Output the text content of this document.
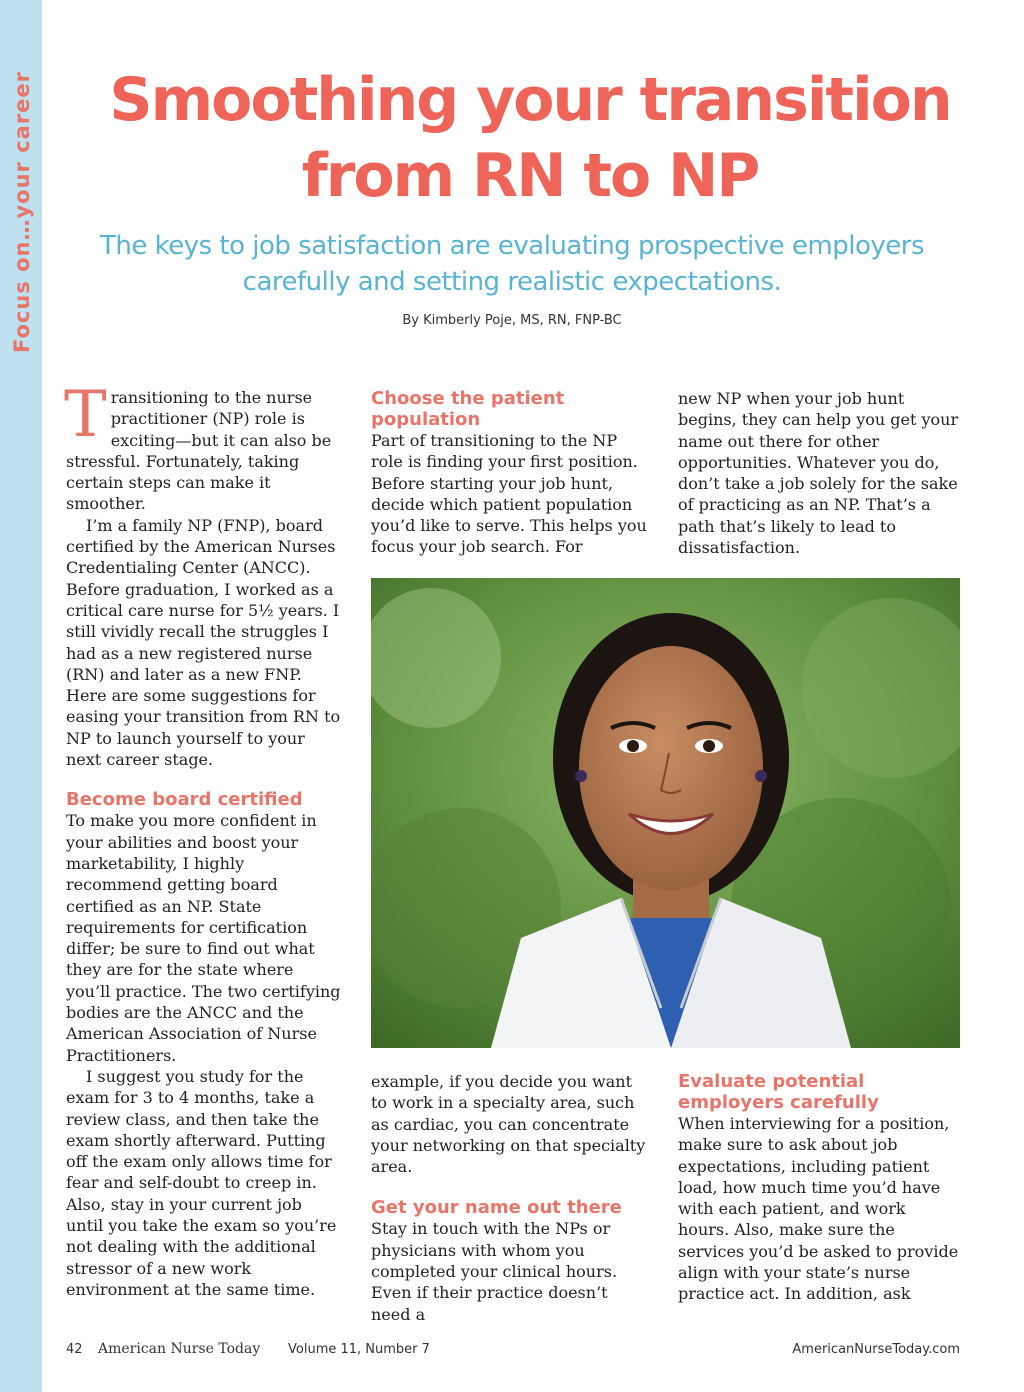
Focus on…your career	Smoothing your transition
from RN to NP
The keys to job satisfaction are evaluating prospective employers
carefully and setting realistic expectations.
By Kimberly Poje, MS, RN, FNP-BC

Transitioning to the nurse practitioner (NP) role is exciting—but it can also be stressful. Fortunately, taking certain steps can make it smoother.

I’m a family NP (FNP), board certified by the American Nurses Credentialing Center (ANCC). Before graduation, I worked as a critical care nurse for 5½ years. I still vividly recall the struggles I had as a new registered nurse (RN) and later as a new FNP. Here are some suggestions for easing your transition from RN to NP to launch yourself to your next career stage.

Become board certified

To make you more confident in your abilities and boost your marketability, I highly recommend getting board certified as an NP. State requirements for certification differ; be sure to find out what they are for the state where you’ll practice. The two certifying bodies are the ANCC and the American Association of Nurse Practitioners.

I suggest you study for the exam for 3 to 4 months, take a review class, and then take the exam shortly afterward. Putting off the exam only allows time for fear and self-doubt to creep in. Also, stay in your current job until you take the exam so you’re not dealing with the additional stressor of a new work environment at the same time.

Choose the patient population

Part of transitioning to the NP role is finding your first position. Before starting your job hunt, decide which patient population you’d like to serve. This helps you focus your job search. For

new NP when your job hunt begins, they can help you get your name out there for other opportunities. Whatever you do, don’t take a job solely for the sake of practicing as an NP. That’s a path that’s likely to lead to dissatisfaction.

example, if you decide you want to work in a specialty area, such as cardiac, you can concentrate your networking on that specialty area.

Get your name out there

Stay in touch with the NPs or physicians with whom you completed your clinical hours. Even if their practice doesn’t need a

Evaluate potential employers carefully

When interviewing for a position, make sure to ask about job expectations, including patient load, how much time you’d have with each patient, and work hours. Also, make sure the services you’d be asked to provide align with your state’s nurse practice act. In addition, ask

42 American Nurse Today Volume 11, Number 7	AmericanNurseToday.com
